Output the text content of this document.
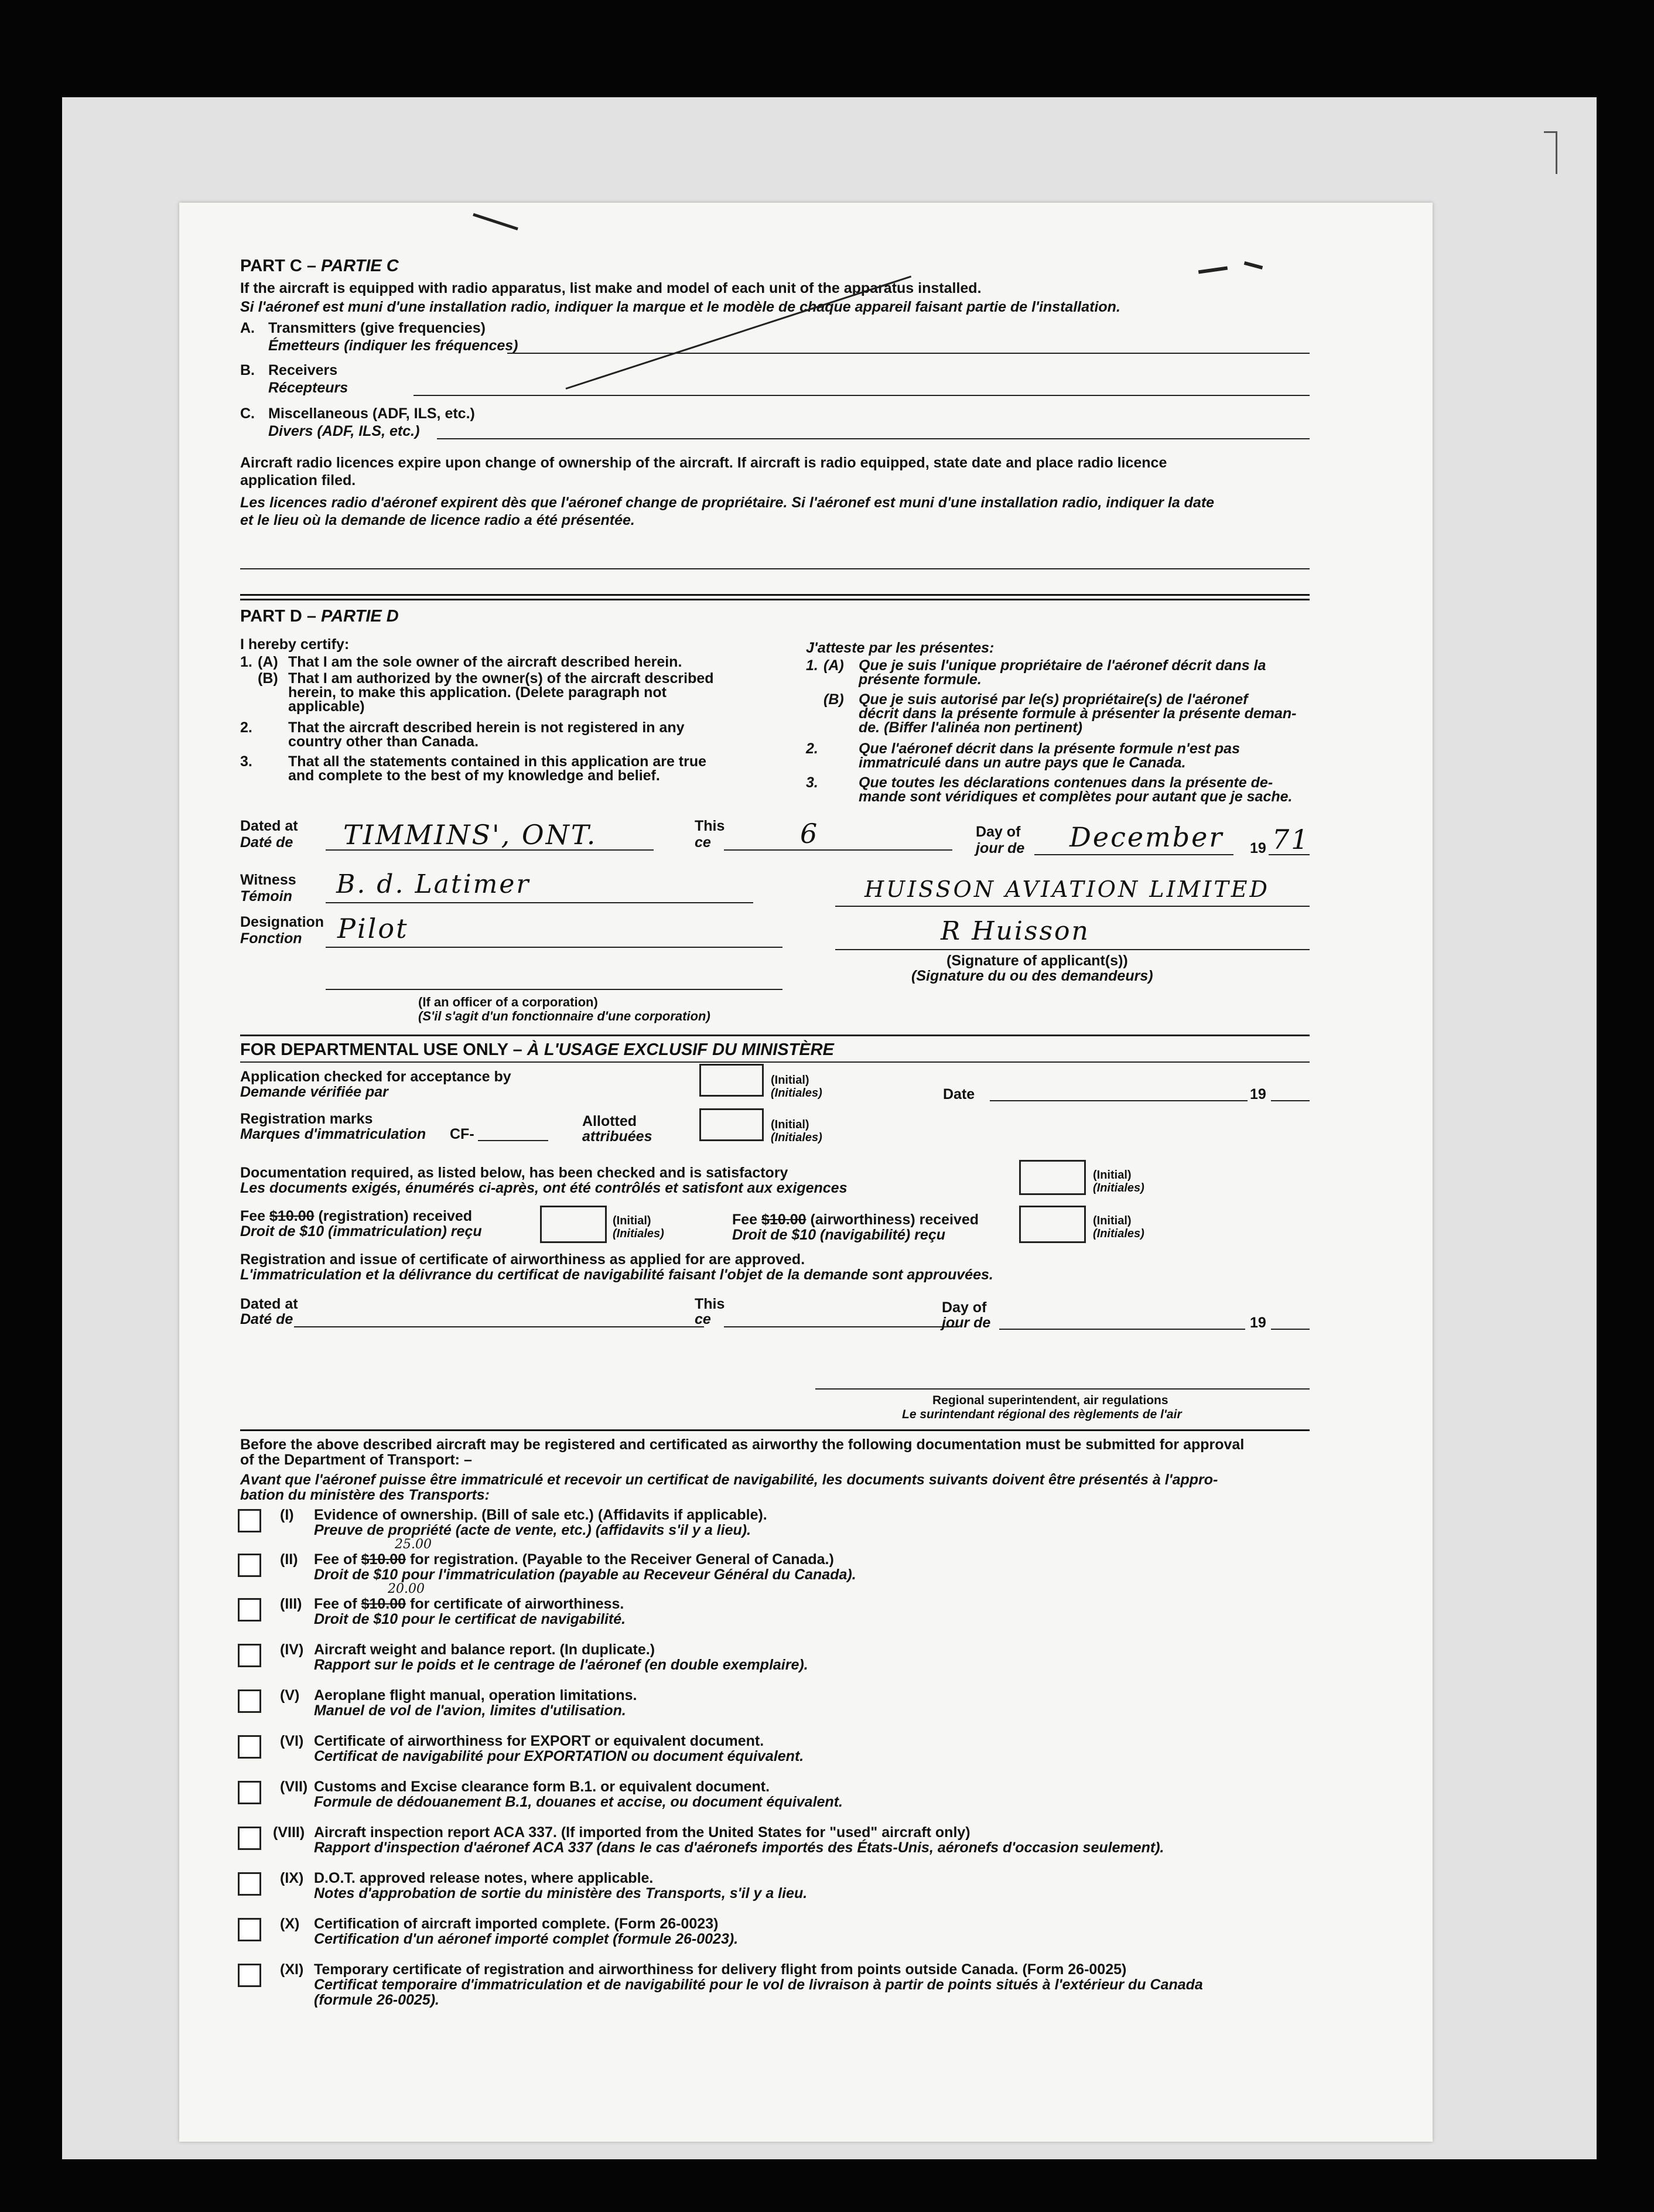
PART C – PARTIE C
If the aircraft is equipped with radio apparatus, list make and model of each unit of the apparatus installed.
Si l'aéronef est muni d'une installation radio, indiquer la marque et le modèle de chaque appareil faisant partie de l'installation.
A. Transmitters (give frequencies)
Émetteurs (indiquer les fréquences)
B. Receivers
Récepteurs
C. Miscellaneous (ADF, ILS, etc.)
Divers (ADF, ILS, etc.)
Aircraft radio licences expire upon change of ownership of the aircraft. If aircraft is radio equipped, state date and place radio licence
application filed.
Les licences radio d'aéronef expirent dès que l'aéronef change de propriétaire. Si l'aéronef est muni d'une installation radio, indiquer la date
et le lieu où la demande de licence radio a été présentée.
PART D – PARTIE D
I hereby certify:	J'atteste par les présentes:
1. (A) That I am the sole owner of the aircraft described herein.
(B) That I am authorized by the owner(s) of the aircraft described
herein, to make this application. (Delete paragraph not
applicable)
2. That the aircraft described herein is not registered in any
country other than Canada.
3. That all the statements contained in this application are true
and complete to the best of my knowledge and belief.
1. (A) Que je suis l'unique propriétaire de l'aéronef décrit dans la
présente formule.
(B) Que je suis autorisé par le(s) propriétaire(s) de l'aéronef
décrit dans la présente formule à présenter la présente deman-
de. (Biffer l'alinéa non pertinent)
2.	Que l'aéronef décrit dans la présente formule n'est pas
immatriculé dans un autre pays que le Canada.
3.	Que toutes les déclarations contenues dans la présente de-
mande sont véridiques et complètes pour autant que je sache.
Dated at
Daté de TIMMINS', ONT.	This
ce	6	Day of
jour de December 19 71
Witness
Témoin B. d. Latimer	HUISSON AVIATION LIMITED
Designation
Fonction Pilot	R Huisson
(Signature of applicant(s))
(Signature du ou des demandeurs)
(If an officer of a corporation)
(S'il s'agit d'un fonctionnaire d'une corporation)
FOR DEPARTMENTAL USE ONLY – À L'USAGE EXCLUSIF DU MINISTÈRE
Application checked for acceptance by
Demande vérifiée par
(Initial)
(Initiales)	Date	19
Registration marks
Marques d'immatriculation CF-
Allotted
attribuées
(Initial)
(Initiales)
Documentation required, as listed below, has been checked and is satisfactory
Les documents exigés, énumérés ci-après, ont été contrôlés et satisfont aux exigences
(Initial)
(Initiales)
Fee $10.00 (registration) received
Droit de $10 (immatriculation) reçu
(Initial)
(Initiales)
Fee $10.00 (airworthiness) received
Droit de $10 (navigabilité) reçu
(Initial)
(Initiales)
Registration and issue of certificate of airworthiness as applied for are approved.
L'immatriculation et la délivrance du certificat de navigabilité faisant l'objet de la demande sont approuvées.
Dated at
Daté de
This
ce
Day of
jour de	19
Regional superintendent, air regulations
Le surintendant régional des règlements de l'air
Before the above described aircraft may be registered and certificated as airworthy the following documentation must be submitted for approval
of the Department of Transport: –
Avant que l'aéronef puisse être immatriculé et recevoir un certificat de navigabilité, les documents suivants doivent être présentés à l'appro-
bation du ministère des Transports:
(I) Evidence of ownership. (Bill of sale etc.) (Affidavits if applicable).
Preuve de propriété (acte de vente, etc.) (affidavits s'il y a lieu).
(II)
25.00
Fee of $10.00 for registration. (Payable to the Receiver General of Canada.)
Droit de $10 pour l'immatriculation (payable au Receveur Général du Canada).
(III)
20.00
Fee of $10.00 for certificate of airworthiness.
Droit de $10 pour le certificat de navigabilité.
(IV) Aircraft weight and balance report. (In duplicate.)
Rapport sur le poids et le centrage de l'aéronef (en double exemplaire).
(V) Aeroplane flight manual, operation limitations.
Manuel de vol de l'avion, limites d'utilisation.
(VI) Certificate of airworthiness for EXPORT or equivalent document.
Certificat de navigabilité pour EXPORTATION ou document équivalent.
(VII) Customs and Excise clearance form B.1. or equivalent document.
Formule de dédouanement B.1, douanes et accise, ou document équivalent.
(VIII) Aircraft inspection report ACA 337. (If imported from the United States for "used" aircraft only)
Rapport d'inspection d'aéronef ACA 337 (dans le cas d'aéronefs importés des États-Unis, aéronefs d'occasion seulement).
(IX) D.O.T. approved release notes, where applicable.
Notes d'approbation de sortie du ministère des Transports, s'il y a lieu.
(X) Certification of aircraft imported complete. (Form 26-0023)
Certification d'un aéronef importé complet (formule 26-0023).
(XI) Temporary certificate of registration and airworthiness for delivery flight from points outside Canada. (Form 26-0025)
Certificat temporaire d'immatriculation et de navigabilité pour le vol de livraison à partir de points situés à l'extérieur du Canada
(formule 26-0025).
